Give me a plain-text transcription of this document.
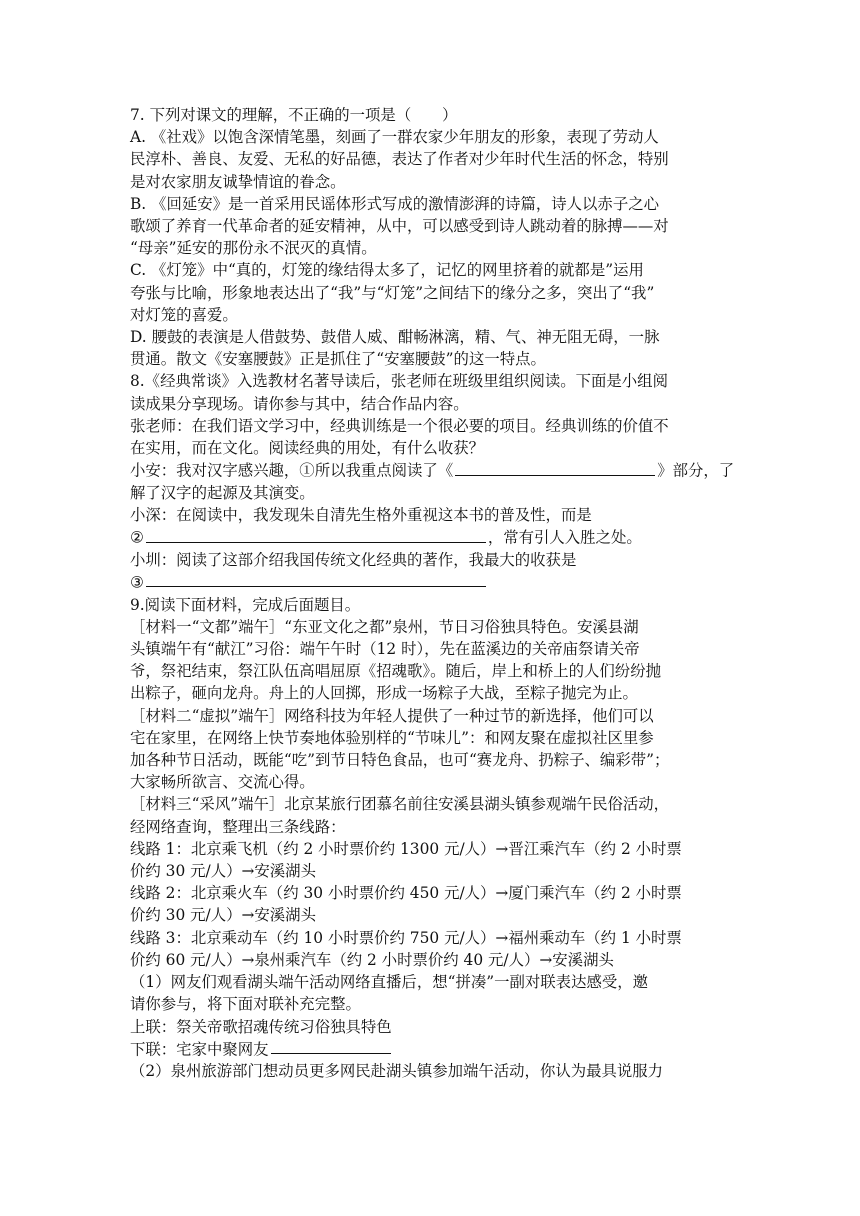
7. 下列对课文的理解，不正确的一项是（　　）

A. 《社戏》以饱含深情笔墨，刻画了一群农家少年朋友的形象，表现了劳动人

民淳朴、善良、友爱、无私的好品德，表达了作者对少年时代生活的怀念，特别

是对农家朋友诚挚情谊的眷念。

B. 《回延安》是一首采用民谣体形式写成的激情澎湃的诗篇，诗人以赤子之心

歌颂了养育一代革命者的延安精神，从中，可以感受到诗人跳动着的脉搏——对

“母亲”延安的那份永不泯灭的真情。

C. 《灯笼》中“真的，灯笼的缘结得太多了，记忆的网里挤着的就都是”运用

夸张与比喻，形象地表达出了“我”与“灯笼”之间结下的缘分之多，突出了“我”

对灯笼的喜爱。

D. 腰鼓的表演是人借鼓势、鼓借人威、酣畅淋漓，精、气、神无阻无碍，一脉

贯通。散文《安塞腰鼓》正是抓住了“安塞腰鼓”的这一特点。

8.《经典常谈》入选教材名著导读后，张老师在班级里组织阅读。下面是小组阅

读成果分享现场。请你参与其中，结合作品内容。

张老师：在我们语文学习中，经典训练是一个很必要的项目。经典训练的价值不

在实用，而在文化。阅读经典的用处，有什么收获？

小安：我对汉字感兴趣，①所以我重点阅读了《	》部分，了

解了汉字的起源及其演变。

小深：在阅读中，我发现朱自清先生格外重视这本书的普及性，而是

②	，常有引人入胜之处。

小圳：阅读了这部介绍我国传统文化经典的著作，我最大的收获是

③

9.阅读下面材料，完成后面题目。

［材料一“文都”端午］“东亚文化之都”泉州，节日习俗独具特色。安溪县湖

头镇端午有“献江”习俗：端午午时（12 时），先在蓝溪边的关帝庙祭请关帝

爷，祭祀结束，祭江队伍高唱屈原《招魂歌》。随后，岸上和桥上的人们纷纷抛

出粽子，砸向龙舟。舟上的人回掷，形成一场粽子大战，至粽子抛完为止。

［材料二“虚拟”端午］网络科技为年轻人提供了一种过节的新选择，他们可以

宅在家里，在网络上快节奏地体验别样的“节味儿”：和网友聚在虚拟社区里参

加各种节日活动，既能“吃”到节日特色食品，也可“赛龙舟、扔粽子、编彩带”；

大家畅所欲言、交流心得。

［材料三“采风”端午］北京某旅行团慕名前往安溪县湖头镇参观端午民俗活动，

经网络查询，整理出三条线路：

线路 1：北京乘飞机（约 2 小时票价约 1300 元/人）→晋江乘汽车（约 2 小时票

价约 30 元/人）→安溪湖头

线路 2：北京乘火车（约 30 小时票价约 450 元/人）→厦门乘汽车（约 2 小时票

价约 30 元/人）→安溪湖头

线路 3：北京乘动车（约 10 小时票价约 750 元/人）→福州乘动车（约 1 小时票

价约 60 元/人）→泉州乘汽车（约 2 小时票价约 40 元/人）→安溪湖头

（1）网友们观看湖头端午活动网络直播后，想“拼凑”一副对联表达感受，邀

请你参与，将下面对联补充完整。

上联：祭关帝歌招魂传统习俗独具特色

下联：宅家中聚网友

（2）泉州旅游部门想动员更多网民赴湖头镇参加端午活动，你认为最具说服力
